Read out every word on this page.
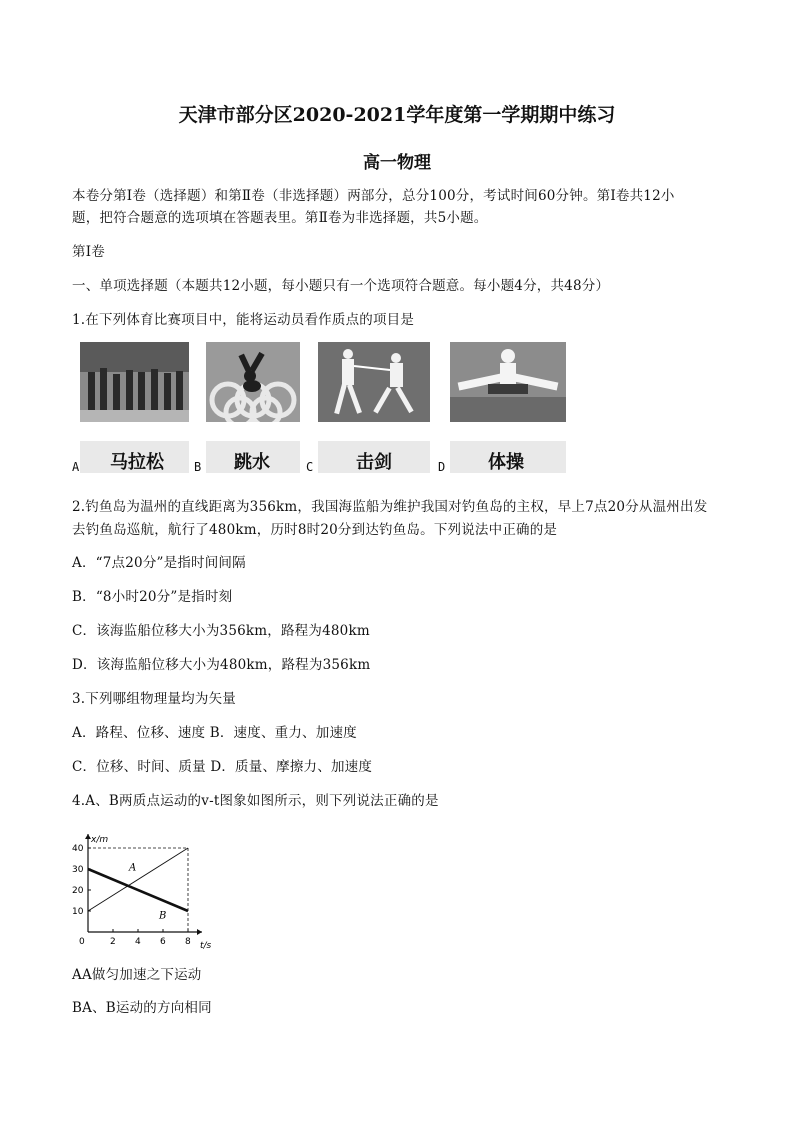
天津市部分区2020-2021学年度第一学期期中练习
高一物理
本卷分第Ⅰ卷（选择题）和第Ⅱ卷（非选择题）两部分，总分100分，考试时间60分钟。第Ⅰ卷共12小
题，把符合题意的选项填在答题表里。第Ⅱ卷为非选择题，共5小题。
第Ⅰ卷
一、单项选择题（本题共12小题，每小题只有一个选项符合题意。每小题4分，共48分）
1.在下列体育比赛项目中，能将运动员看作质点的项目是
A 马拉松	B 跳水	C 击剑	D 体操
2.钓鱼岛为温州的直线距离为356km，我国海监船为维护我国对钓鱼岛的主权，早上7点20分从温州出发
去钓鱼岛巡航，航行了480km，历时8时20分到达钓鱼岛。下列说法中正确的是
A．“7点20分”是指时间间隔
B．“8小时20分”是指时刻
C．该海监船位移大小为356km，路程为480km
D．该海监船位移大小为480km，路程为356km
3.下列哪组物理量均为矢量
A．路程、位移、速度 B．速度、重力、加速度
C．位移、时间、质量 D．质量、摩擦力、加速度
4.A、B两质点运动的v-t图象如图所示，则下列说法正确的是
t/s
x/m
0	2 4 6 8
10
20
30
40
A
B
AA做匀加速之下运动
BA、B运动的方向相同
